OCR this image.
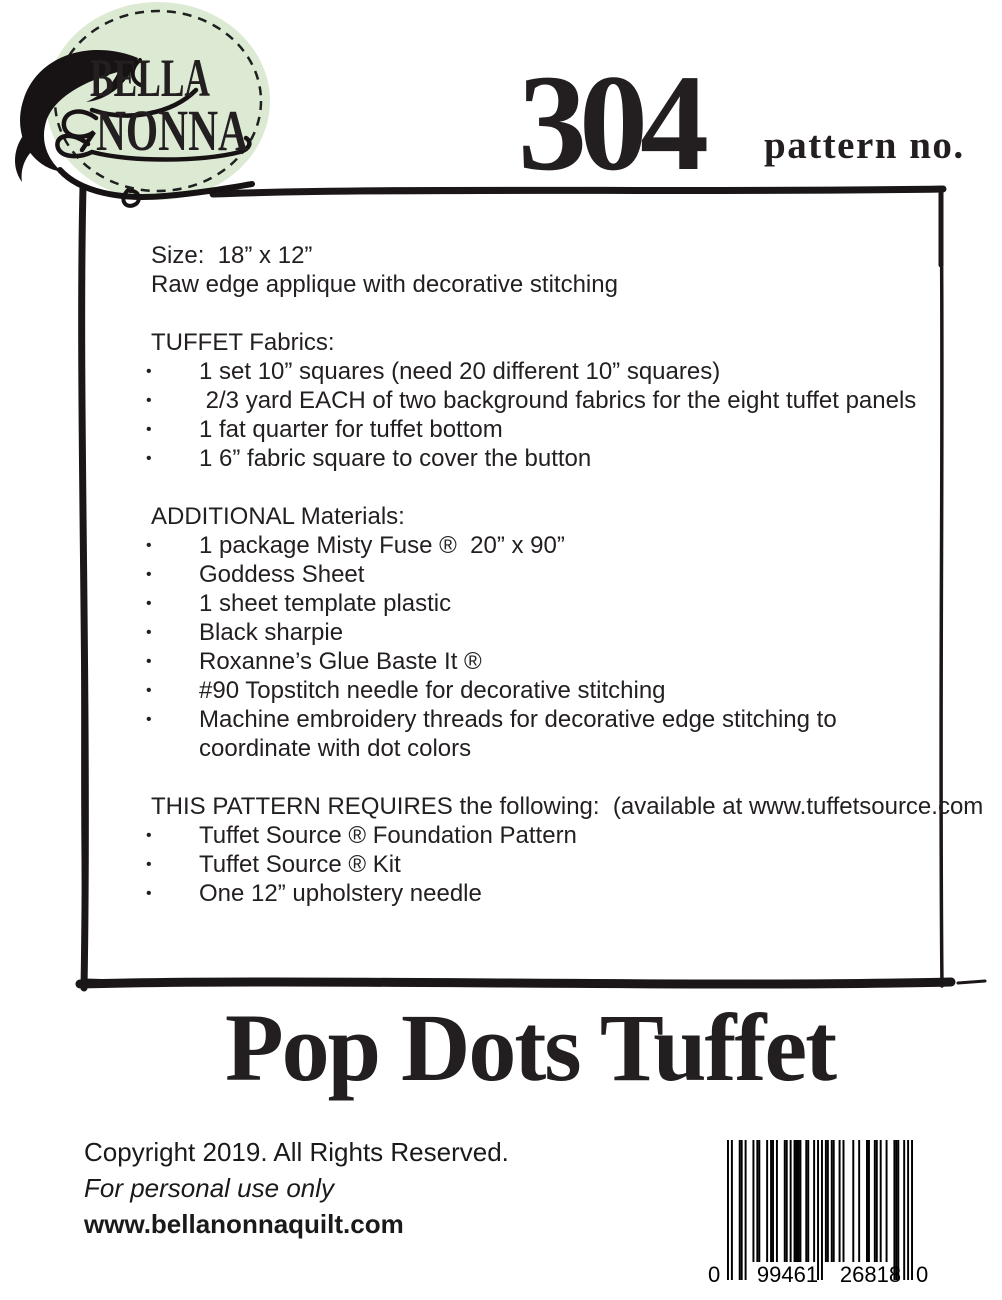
BELLA
NONNA 304 pattern no.

Size:  18” x 12”

Raw edge applique with decorative stitching

TUFFET Fabrics:
• 1 set 10” squares (need 20 different 10” squares)
• 2/3 yard EACH of two background fabrics for the eight tuffet panels
• 1 fat quarter for tuffet bottom
• 1 6” fabric square to cover the button
ADDITIONAL Materials:
• 1 package Misty Fuse ®  20” x 90”
• Goddess Sheet
• 1 sheet template plastic
• Black sharpie
• Roxanne’s Glue Baste It ®
• #90 Topstitch needle for decorative stitching
• Machine embroidery threads for decorative edge stitching to coordinate with dot colors
THIS PATTERN REQUIRES the following:  (available at www.tuffetsource.com
• Tuffet Source ® Foundation Pattern
• Tuffet Source ® Kit
• One 12” upholstery needle
Pop Dots Tuffet
Copyright 2019. All Rights Reserved.
For personal use only
www.bellanonnaquilt.com
0	99461 26818 0
